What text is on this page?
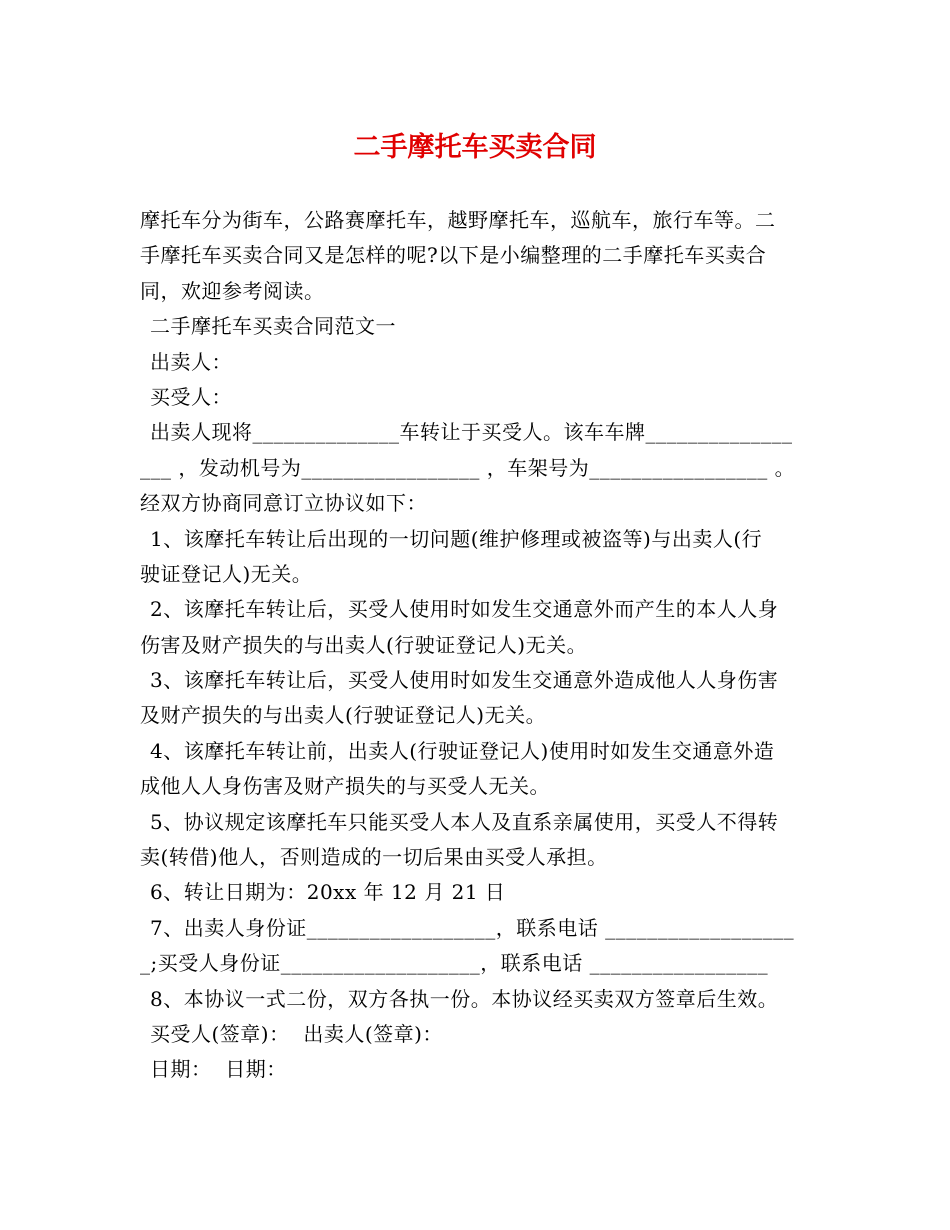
二手摩托车买卖合同
摩托车分为街车，公路赛摩托车，越野摩托车，巡航车，旅行车等。二
手摩托车买卖合同又是怎样的呢?以下是小编整理的二手摩托车买卖合
同，欢迎参考阅读。
二手摩托车买卖合同范文一
出卖人：
买受人：
出卖人现将______________车转让于买受人。该车车牌______________
___ ，发动机号为_________________ ，车架号为_________________ 。
经双方协商同意订立协议如下：
1、该摩托车转让后出现的一切问题(维护修理或被盗等)与出卖人(行
驶证登记人)无关。
2、该摩托车转让后，买受人使用时如发生交通意外而产生的本人人身
伤害及财产损失的与出卖人(行驶证登记人)无关。
3、该摩托车转让后，买受人使用时如发生交通意外造成他人人身伤害
及财产损失的与出卖人(行驶证登记人)无关。
4、该摩托车转让前，出卖人(行驶证登记人)使用时如发生交通意外造
成他人人身伤害及财产损失的与买受人无关。
5、协议规定该摩托车只能买受人本人及直系亲属使用，买受人不得转
卖(转借)他人，否则造成的一切后果由买受人承担。
6、转让日期为：20xx 年 12 月 21 日
7、出卖人身份证__________________，联系电话 __________________
_;买受人身份证___________________，联系电话 _________________
8、本协议一式二份，双方各执一份。本协议经买卖双方签章后生效。
买受人(签章)：  出卖人(签章)：
日期：  日期：
